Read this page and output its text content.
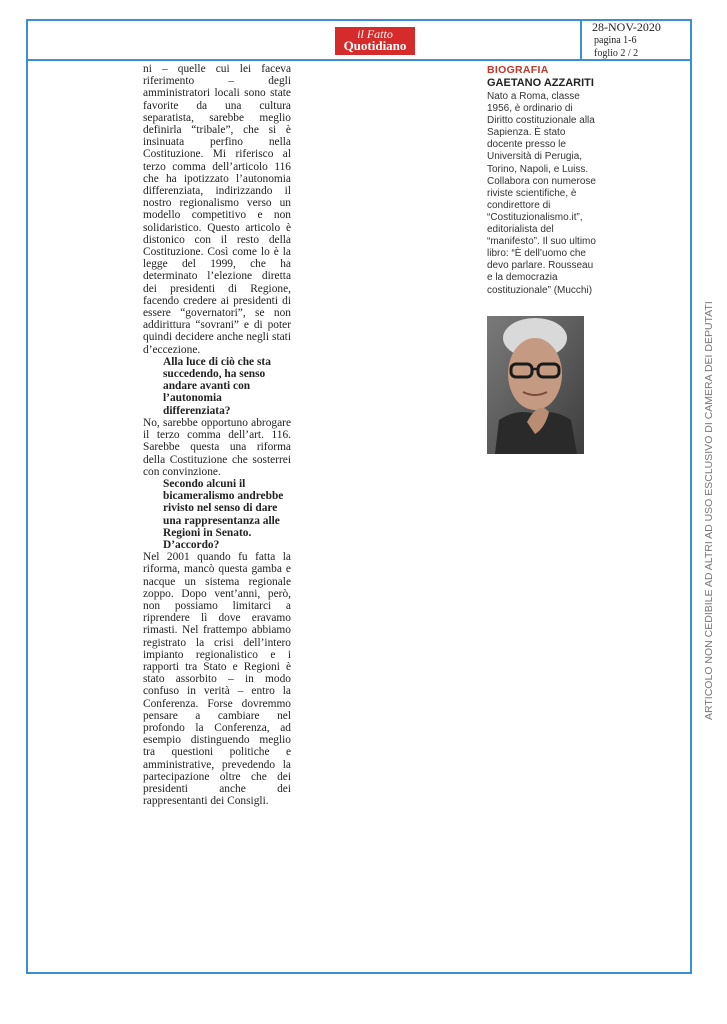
il Fatto
Quotidiano
28-NOV-2020
pagina 1-6
foglio 2 / 2

ni – quelle cui lei faceva riferimento – degli amministratori locali sono state favorite da una cultura separatista, sarebbe meglio definirla “tribale”, che si è insinuata perfino nella Costituzione. Mi riferisco al terzo comma dell’articolo 116 che ha ipotizzato l’autonomia differenziata, indirizzando il nostro regionalismo verso un modello competitivo e non solidaristico. Questo articolo è distonico con il resto della Costituzione. Così come lo è la legge del 1999, che ha determinato l’elezione diretta dei presidenti di Regione, facendo credere ai presidenti di essere “governatori”, se non addirittura “sovrani” e di poter quindi decidere anche negli stati d’eccezione.

Alla luce di ciò che sta succedendo, ha senso andare avanti con l’autonomia differenziata?

No, sarebbe opportuno abrogare il terzo comma dell’art. 116. Sarebbe questa una riforma della Costituzione che sosterrei con convinzione.

Secondo alcuni il bicameralismo andrebbe rivisto nel senso di dare una rappresentanza alle Regioni in Senato. D’accordo?

Nel 2001 quando fu fatta la riforma, mancò questa gamba e nacque un sistema regionale zoppo. Dopo vent’anni, però, non possiamo limitarci a riprendere lì dove eravamo rimasti. Nel frattempo abbiamo registrato la crisi dell’intero impianto regionalistico e i rapporti tra Stato e Regioni è stato assorbito – in modo confuso in verità – entro la Conferenza. Forse dovremmo pensare a cambiare nel profondo la Conferenza, ad esempio distinguendo meglio tra questioni politiche e amministrative, prevedendo la partecipazione oltre che dei presidenti anche dei rappresentanti dei Consigli.

BIOGRAFIA
GAETANO AZZARITI
Nato a Roma, classe 1956, è ordinario di Diritto costituzionale alla Sapienza. È stato docente presso le Università di Perugia, Torino, Napoli, e Luiss. Collabora con numerose riviste scientifiche, è condirettore di “Costituzionalismo.it”, editorialista del “manifesto”. Il suo ultimo libro: “È dell’uomo che devo parlare. Rousseau e la democrazia costituzionale” (Mucchi)
ARTICOLO NON CEDIBILE AD ALTRI AD USO ESCLUSIVO DI CAMERA DEI DEPUTATI
